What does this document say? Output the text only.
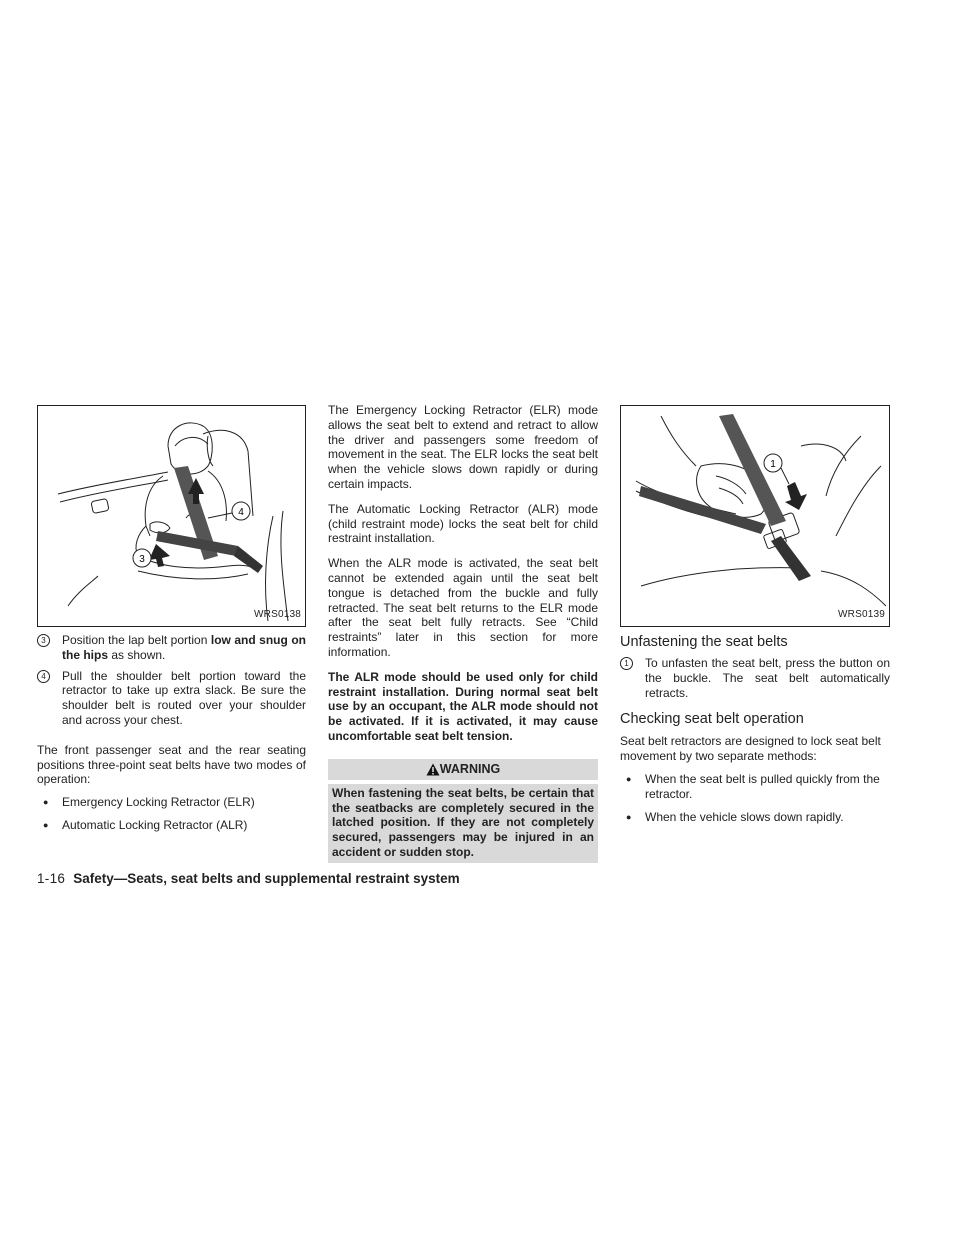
4
3
WRS0138
3	Position the lap belt portion low and snug on the hips as shown.
4	Pull the shoulder belt portion toward the retractor to take up extra slack. Be sure the shoulder belt is routed over your shoulder and across your chest.

The front passenger seat and the rear seating positions three-point seat belts have two modes of operation:

●	Emergency Locking Retractor (ELR)
●	Automatic Locking Retractor (ALR)

The Emergency Locking Retractor (ELR) mode allows the seat belt to extend and retract to allow the driver and passengers some freedom of movement in the seat. The ELR locks the seat belt when the vehicle slows down rapidly or during certain impacts.

The Automatic Locking Retractor (ALR) mode (child restraint mode) locks the seat belt for child restraint installation.

When the ALR mode is activated, the seat belt cannot be extended again until the seat belt tongue is detached from the buckle and fully retracted. The seat belt returns to the ELR mode after the seat belt fully retracts. See “Child restraints” later in this section for more information.

The ALR mode should be used only for child restraint installation. During normal seat belt use by an occupant, the ALR mode should not be activated. If it is activated, it may cause uncomfortable seat belt tension.

WARNING
When fastening the seat belts, be certain that the seatbacks are completely secured in the latched position. If they are not completely secured, passengers may be injured in an accident or sudden stop.
1
WRS0139
Unfastening the seat belts
1	To unfasten the seat belt, press the button on the buckle. The seat belt automatically retracts.
Checking seat belt operation

Seat belt retractors are designed to lock seat belt movement by two separate methods:

●	When the seat belt is pulled quickly from the retractor.
●	When the vehicle slows down rapidly.
1-16 Safety—Seats, seat belts and supplemental restraint system
